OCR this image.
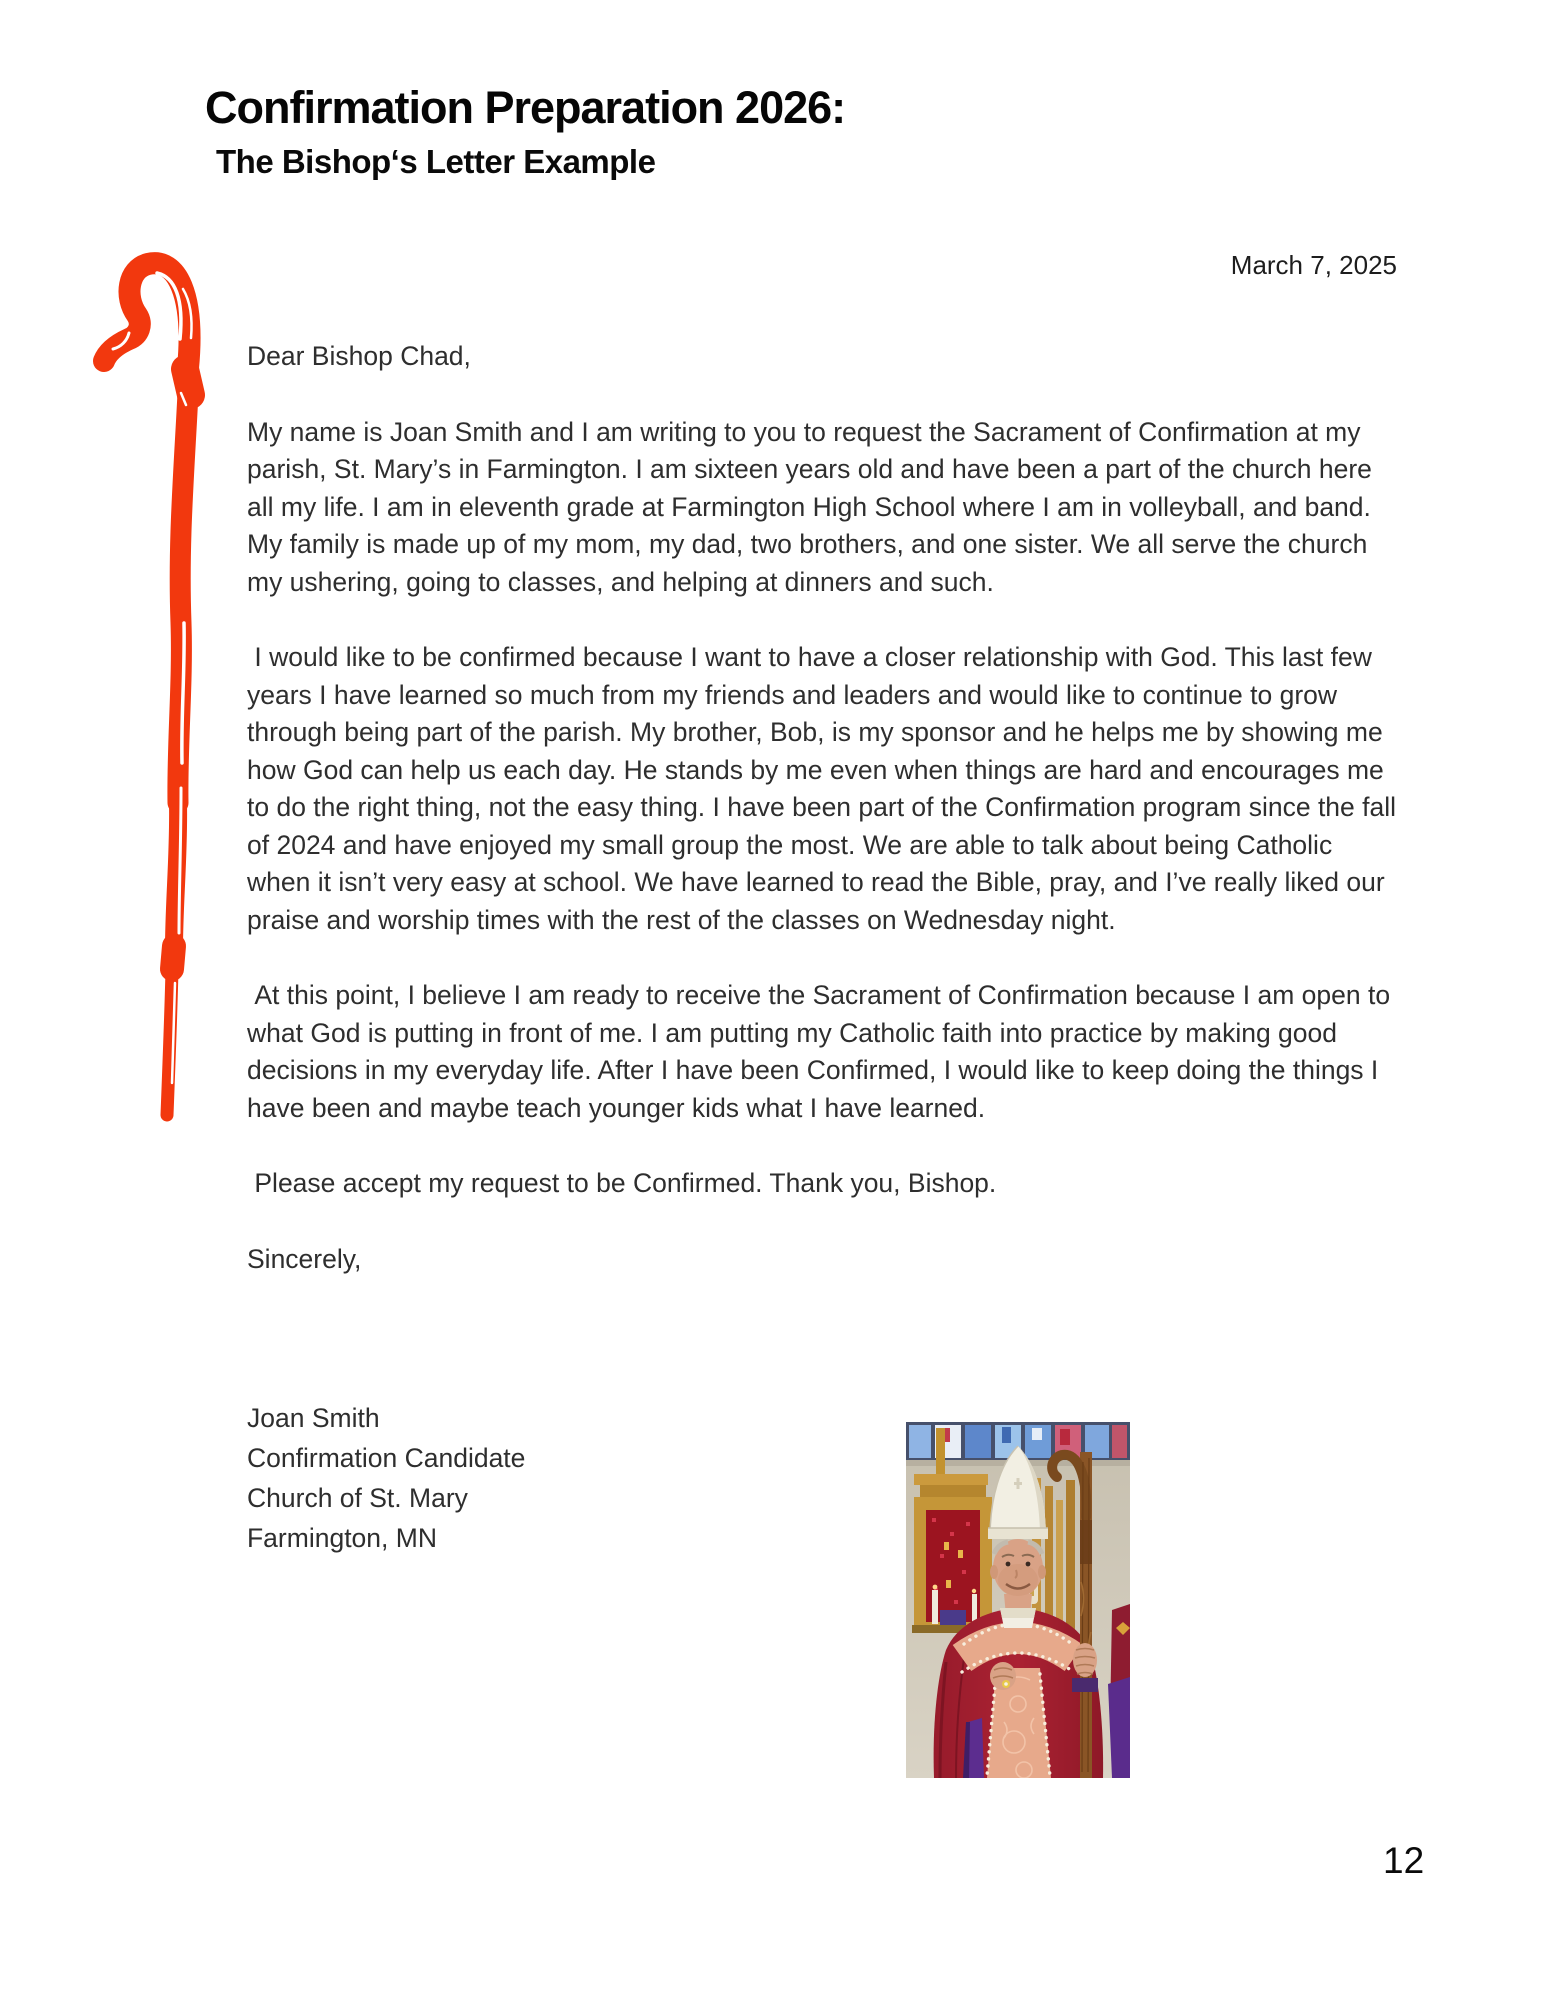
Confirmation Preparation 2026:
The Bishop‘s Letter Example
March 7, 2025
Dear Bishop Chad,
My name is Joan Smith and I am writing to you to request the Sacrament of Confirmation at my parish, St. Mary’s in Farmington. I am sixteen years old and have been a part of the church here all my life. I am in eleventh grade at Farmington High School where I am in volleyball, and band. My family is made up of my mom, my dad, two brothers, and one sister. We all serve the church my ushering, going to classes, and helping at dinners and such.
I would like to be confirmed because I want to have a closer relationship with God. This last few years I have learned so much from my friends and leaders and would like to continue to grow through being part of the parish. My brother, Bob, is my sponsor and he helps me by showing me how God can help us each day. He stands by me even when things are hard and encourages me to do the right thing, not the easy thing. I have been part of the Confirmation program since the fall of 2024 and have enjoyed my small group the most. We are able to talk about being Catholic when it isn’t very easy at school. We have learned to read the Bible, pray, and I’ve really liked our praise and worship times with the rest of the classes on Wednesday night.
At this point, I believe I am ready to receive the Sacrament of Confirmation because I am open to what God is putting in front of me. I am putting my Catholic faith into practice by making good decisions in my everyday life. After I have been Confirmed, I would like to keep doing the things I have been and maybe teach younger kids what I have learned.
Please accept my request to be Confirmed. Thank you, Bishop.
Sincerely,
Joan Smith
Confirmation Candidate
Church of St. Mary
Farmington, MN
12
